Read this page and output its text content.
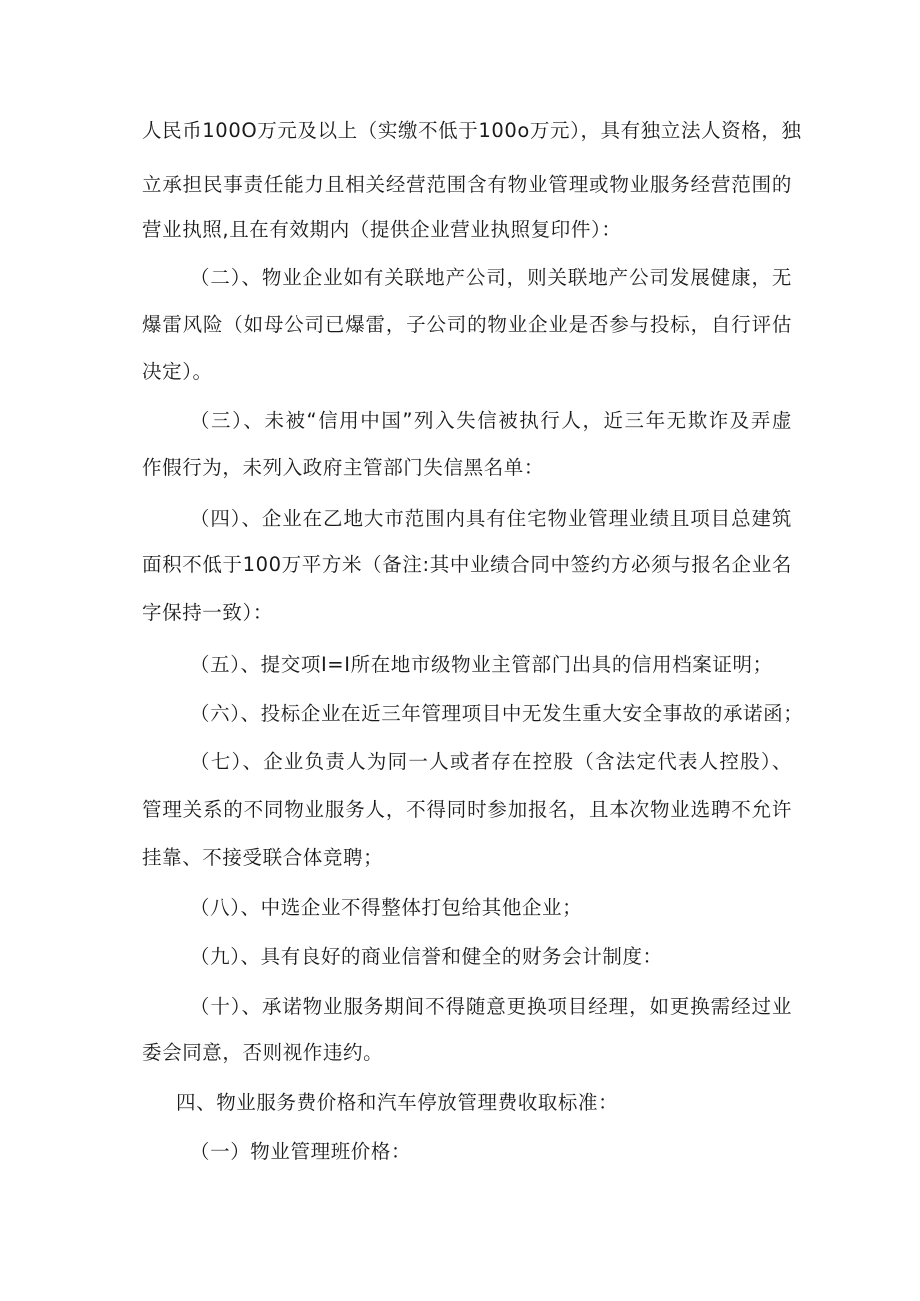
人民币100O万元及以上（实缴不低于100o万元），具有独立法人资格，独
立承担民事责任能力且相关经营范围含有物业管理或物业服务经营范围的
营业执照,且在有效期内（提供企业营业执照复印件）：
（二）、物业企业如有关联地产公司，则关联地产公司发展健康，无
爆雷风险（如母公司已爆雷，子公司的物业企业是否参与投标，自行评估
决定）。
（三）、未被“信用中国”列入失信被执行人，近三年无欺诈及弄虚
作假行为，未列入政府主管部门失信黑名单：
（四）、企业在乙地大市范围内具有住宅物业管理业绩且项目总建筑
面积不低于100万平方米（备注:其中业绩合同中签约方必须与报名企业名
字保持一致）：
（五）、提交项I=I所在地市级物业主管部门出具的信用档案证明；
（六）、投标企业在近三年管理项目中无发生重大安全事故的承诺函；
（七）、企业负责人为同一人或者存在控股（含法定代表人控股）、
管理关系的不同物业服务人，不得同时参加报名，且本次物业选聘不允许
挂靠、不接受联合体竞聘；
（八）、中选企业不得整体打包给其他企业；
（九）、具有良好的商业信誉和健全的财务会计制度：
（十）、承诺物业服务期间不得随意更换项目经理，如更换需经过业
委会同意，否则视作违约。
四、物业服务费价格和汽车停放管理费收取标准：
（一）物业管理班价格：
